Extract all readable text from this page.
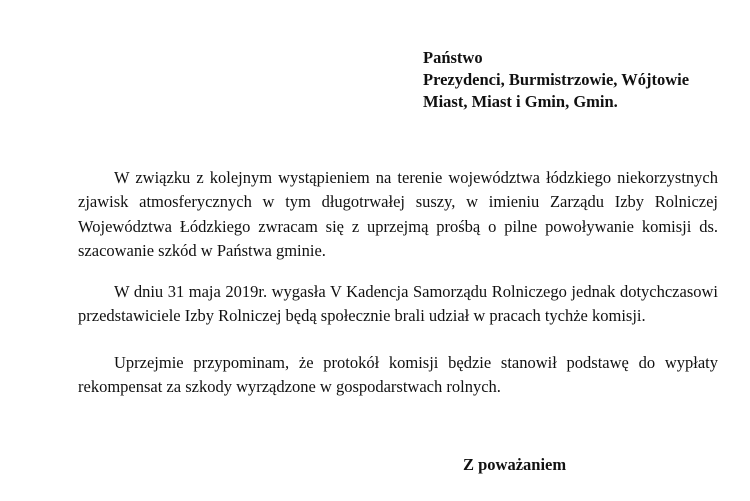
Państwo
Prezydenci, Burmistrzowie, Wójtowie
Miast, Miast i Gmin, Gmin.

W związku z kolejnym wystąpieniem na terenie województwa łódzkiego niekorzystnych zjawisk atmosferycznych w tym długotrwałej suszy, w imieniu Zarządu Izby Rolniczej Województwa Łódzkiego zwracam się z uprzejmą prośbą o pilne powoływanie komisji ds. szacowanie szkód w Państwa gminie.

W dniu 31 maja 2019r. wygasła V Kadencja Samorządu Rolniczego jednak dotychczasowi przedstawiciele Izby Rolniczej będą społecznie brali udział w pracach tychże komisji.

Uprzejmie przypominam, że protokół komisji będzie stanowił podstawę do wypłaty rekompensat za szkody wyrządzone w gospodarstwach rolnych.

Z poważaniem
